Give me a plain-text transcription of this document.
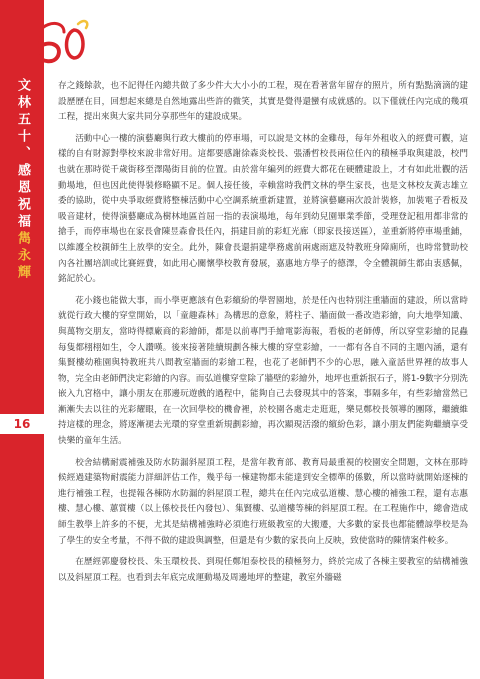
文林五十、感恩祝福雋永輝
16

存之錢餘款，也不記得任內總共做了多少件大大小小的工程，現在看著當年留存的照片，所有點點滴滴的建設歷歷在目，回想起來總是自然地露出些許的微笑，其實是覺得還蠻有成就感的。以下僅就任內完成的幾項工程，提出來與大家共同分享那些年的建設成果。

活動中心一樓的演藝廳與行政大樓前的停車場，可以說是文林的金雞母，每年外租收入的經費可觀，這樣的自有財源對學校來說非常好用。這都要感謝徐森炎校長、張潘哲校長兩位任內的積極爭取與建設，校門也就在那時從千歲街移至澤陽街目前的位置。由於當年編列的經費大都花在硬體建設上，才有如此壯觀的活動場地，但也因此使得裝修略顯不足。個人接任後，幸賴當時我們文林的學生家長，也是文林校友黃志雄立委的協助，從中央爭取經費將整棟活動中心空調系統重新建置，並將演藝廳兩次設計裝修，加裝電子看板及吸音建材，使得演藝廳成為樹林地區首屈一指的表演場地，每年到幼兒園畢業季節，受理登記租用都非常的搶手，而停車場也在家長會陳昱森會長任內，捐建目前的彩虹光廊（即家長接送區），並重新將停車場重鋪，以維護全校親師生上放學的安全。此外，陳會長還捐建學務處前兩處雨遮及特教班身障廁所，也時常贊助校內各社團培訓或比賽經費，如此用心關懷學校教育發展，嘉惠地方學子的德澤，令全體親師生都由衷感佩，銘記於心。

花小錢也能做大事，而小學更應該有色彩繽紛的學習園地，於是任內也特別注重牆面的建設，所以當時就從行政大樓的穿堂開始，以「童趣森林」為構思的意象，將柱子、牆面做一番改造彩繪，向大地學知識、與萬物交朋友，當時得標廠商的彩繪師，都是以前專門手繪電影海報，看板的老師傅，所以穿堂彩繪的昆蟲每隻都栩栩如生，令人讚嘆。後來接著陸續規劃各棟大樓的穿堂彩繪，一一都有各自不同的主題內涵，還有集賢樓幼稚園與特教班共八間教室牆面的彩繪工程，也花了老師們不少的心思，融入童話世界裡的故事人物，完全由老師們決定彩繪的內容。而弘道樓穿堂除了牆壁的彩繪外，地坪也重新抿石子，將1-9數字分別洗嵌入九宮格中，讓小朋友在那邊玩遊戲的過程中，能夠自己去發現其中的答案，事隔多年，有些彩繪當然已漸漸失去以往的光彩耀眼，在一次回學校的機會裡，於校園各處走走逛逛，樂見鄭校長領導的團隊，繼續維持這樣的理念，將逐漸褪去光環的穿堂重新規劃彩繪，再次顯現活潑的繽紛色彩，讓小朋友們能夠繼續享受快樂的童年生活。

校舍結構耐震補強及防水防漏斜屋頂工程，是當年教育部、教育局最重視的校園安全問題，文林在那時候經過建築物耐震能力詳細評估工作，幾乎每一棟建物都未能達到安全標準的係數，所以當時就開始逐棟的進行補強工程，也提報各棟防水防漏的斜屋頂工程，總共在任內完成弘道樓、慧心樓的補強工程，還有志惠樓、慧心樓、蕙質樓（以上係校長任內發包）、集賢樓、弘道樓等棟的斜屋頂工程。在工程施作中，總會造成師生教學上許多的不便，尤其是結構補強時必須進行班級教室的大搬遷，大多數的家長也都能體諒學校是為了學生的安全考量，不得不做的建設與調整，但還是有少數的家長向上反映，致使當時的陳情案件較多。

在歷經郭慶發校長、朱玉環校長、到現任鄭旭泰校長的積極努力，終於完成了各棟主要教室的結構補強以及斜屋頂工程。也看到去年底完成運動場及周邊地坪的整建，教室外牆磁
